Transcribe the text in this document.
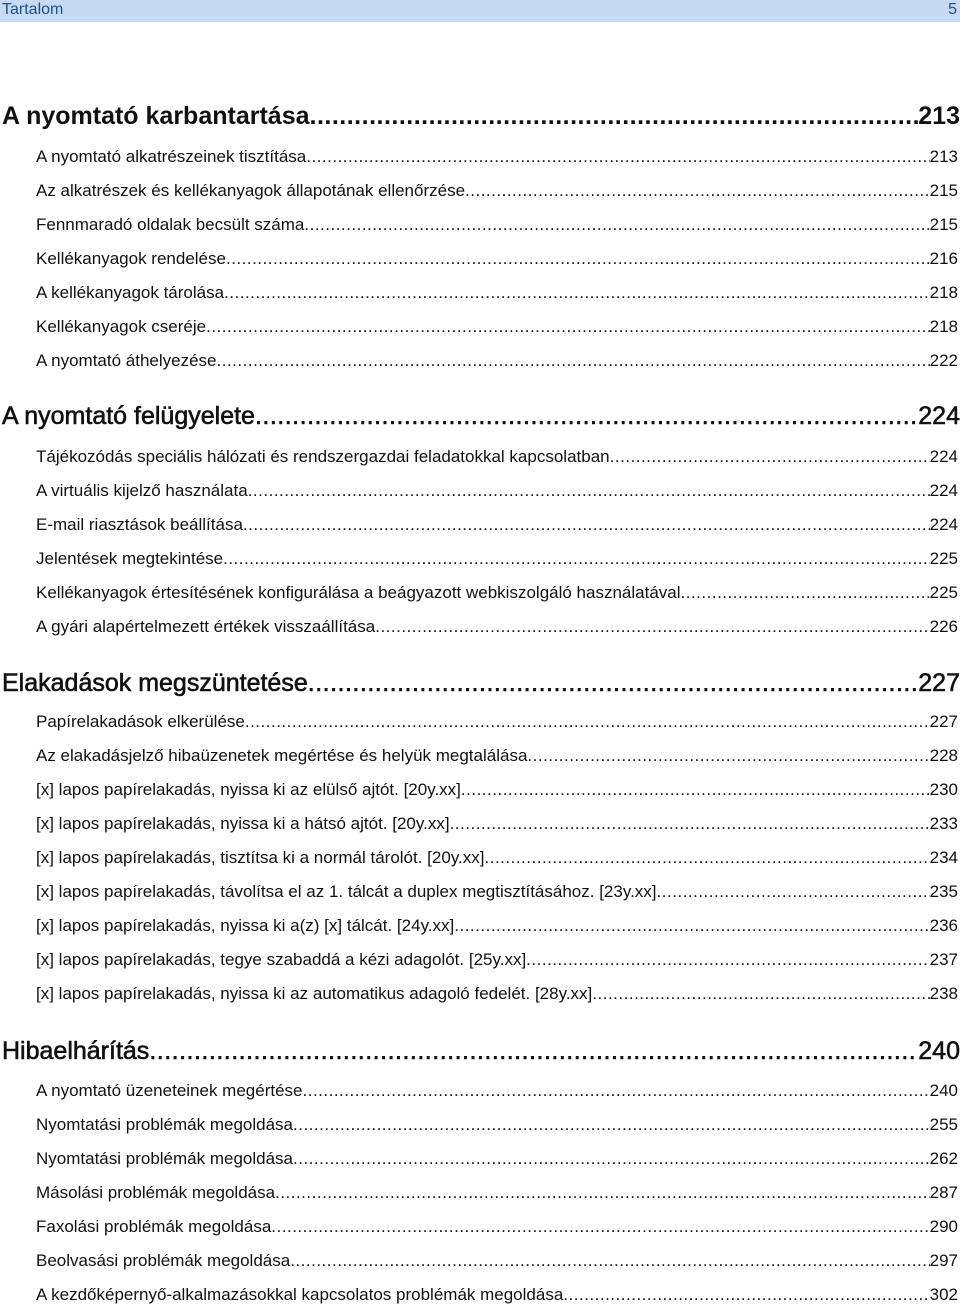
Tartalom	5
A nyomtató karbantartása .....	213
A nyomtató alkatrészeinek tisztítása .....	213
Az alkatrészek és kellékanyagok állapotának ellenőrzése .....	215
Fennmaradó oldalak becsült száma .....	215
Kellékanyagok rendelése .....	216
A kellékanyagok tárolása .....	218
Kellékanyagok cseréje .....	218
A nyomtató áthelyezése .....	222
A nyomtató felügyelete .....	224
Tájékozódás speciális hálózati és rendszergazdai feladatokkal kapcsolatban .....	224
A virtuális kijelző használata .....	224
E-mail riasztások beállítása .....	224
Jelentések megtekintése .....	225
Kellékanyagok értesítésének konfigurálása a beágyazott webkiszolgáló használatával .....	225
A gyári alapértelmezett értékek visszaállítása .....	226
Elakadások megszüntetése .....	227
Papírelakadások elkerülése .....	227
Az elakadásjelző hibaüzenetek megértése és helyük megtalálása .....	228
[x] lapos papírelakadás, nyissa ki az elülső ajtót. [20y.xx] .....	230
[x] lapos papírelakadás, nyissa ki a hátsó ajtót. [20y.xx] .....	233
[x] lapos papírelakadás, tisztítsa ki a normál tárolót. [20y.xx] .....	234
[x] lapos papírelakadás, távolítsa el az 1. tálcát a duplex megtisztításához. [23y.xx] .....	235
[x] lapos papírelakadás, nyissa ki a(z) [x] tálcát. [24y.xx] .....	236
[x] lapos papírelakadás, tegye szabaddá a kézi adagolót. [25y.xx] .....	237
[x] lapos papírelakadás, nyissa ki az automatikus adagoló fedelét. [28y.xx] .....	238
Hibaelhárítás .....	240
A nyomtató üzeneteinek megértése .....	240
Nyomtatási problémák megoldása .....	255
Nyomtatási problémák megoldása .....	262
Másolási problémák megoldása .....	287
Faxolási problémák megoldása .....	290
Beolvasási problémák megoldása .....	297
A kezdőképernyő-alkalmazásokkal kapcsolatos problémák megoldása .....	302
